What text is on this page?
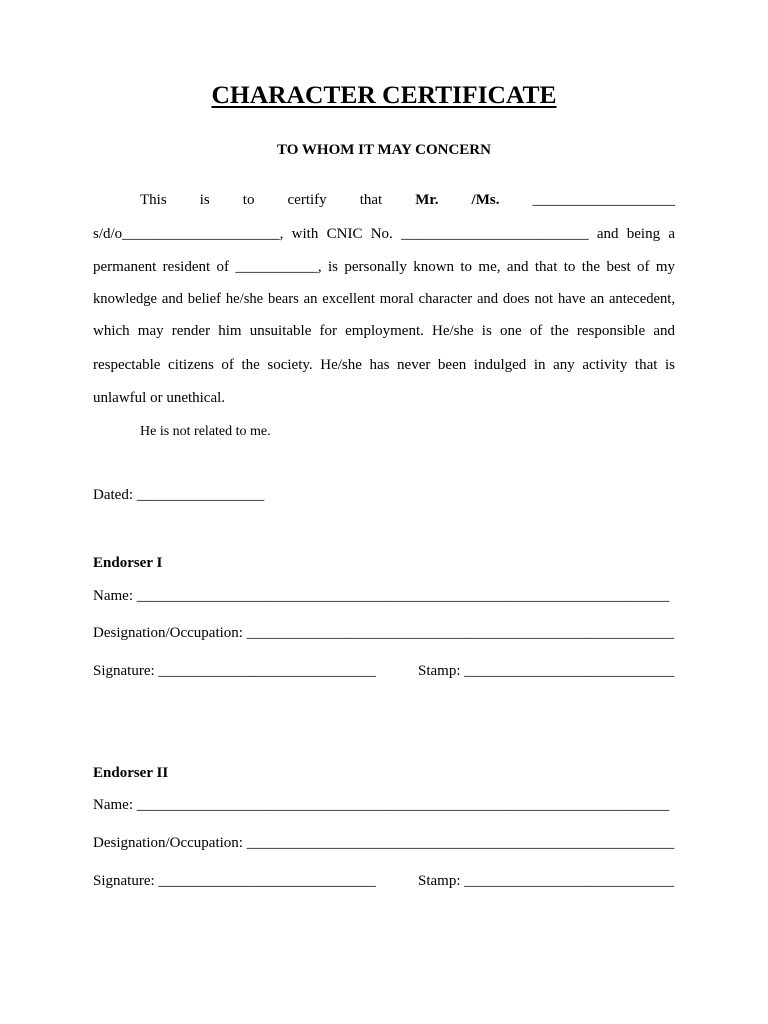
CHARACTER CERTIFICATE
TO WHOM IT MAY CONCERN
This is to certify that Mr. /Ms. ___________________
s/d/o_____________________, with CNIC No. _________________________ and being a
permanent resident of ___________, is personally known to me, and that to the best of my
knowledge and belief he/she bears an excellent moral character and does not have an antecedent,
which may render him unsuitable for employment. He/she is one of the responsible and
respectable citizens of the society. He/she has never been indulged in any activity that is
unlawful or unethical.
He is not related to me.
Dated: _________________
Endorser I
Name: _______________________________________________________________________
Designation/Occupation: _________________________________________________________
Signature: _____________________________	Stamp: ____________________________
Endorser II
Name: _______________________________________________________________________
Designation/Occupation: _________________________________________________________
Signature: _____________________________	Stamp: ____________________________
